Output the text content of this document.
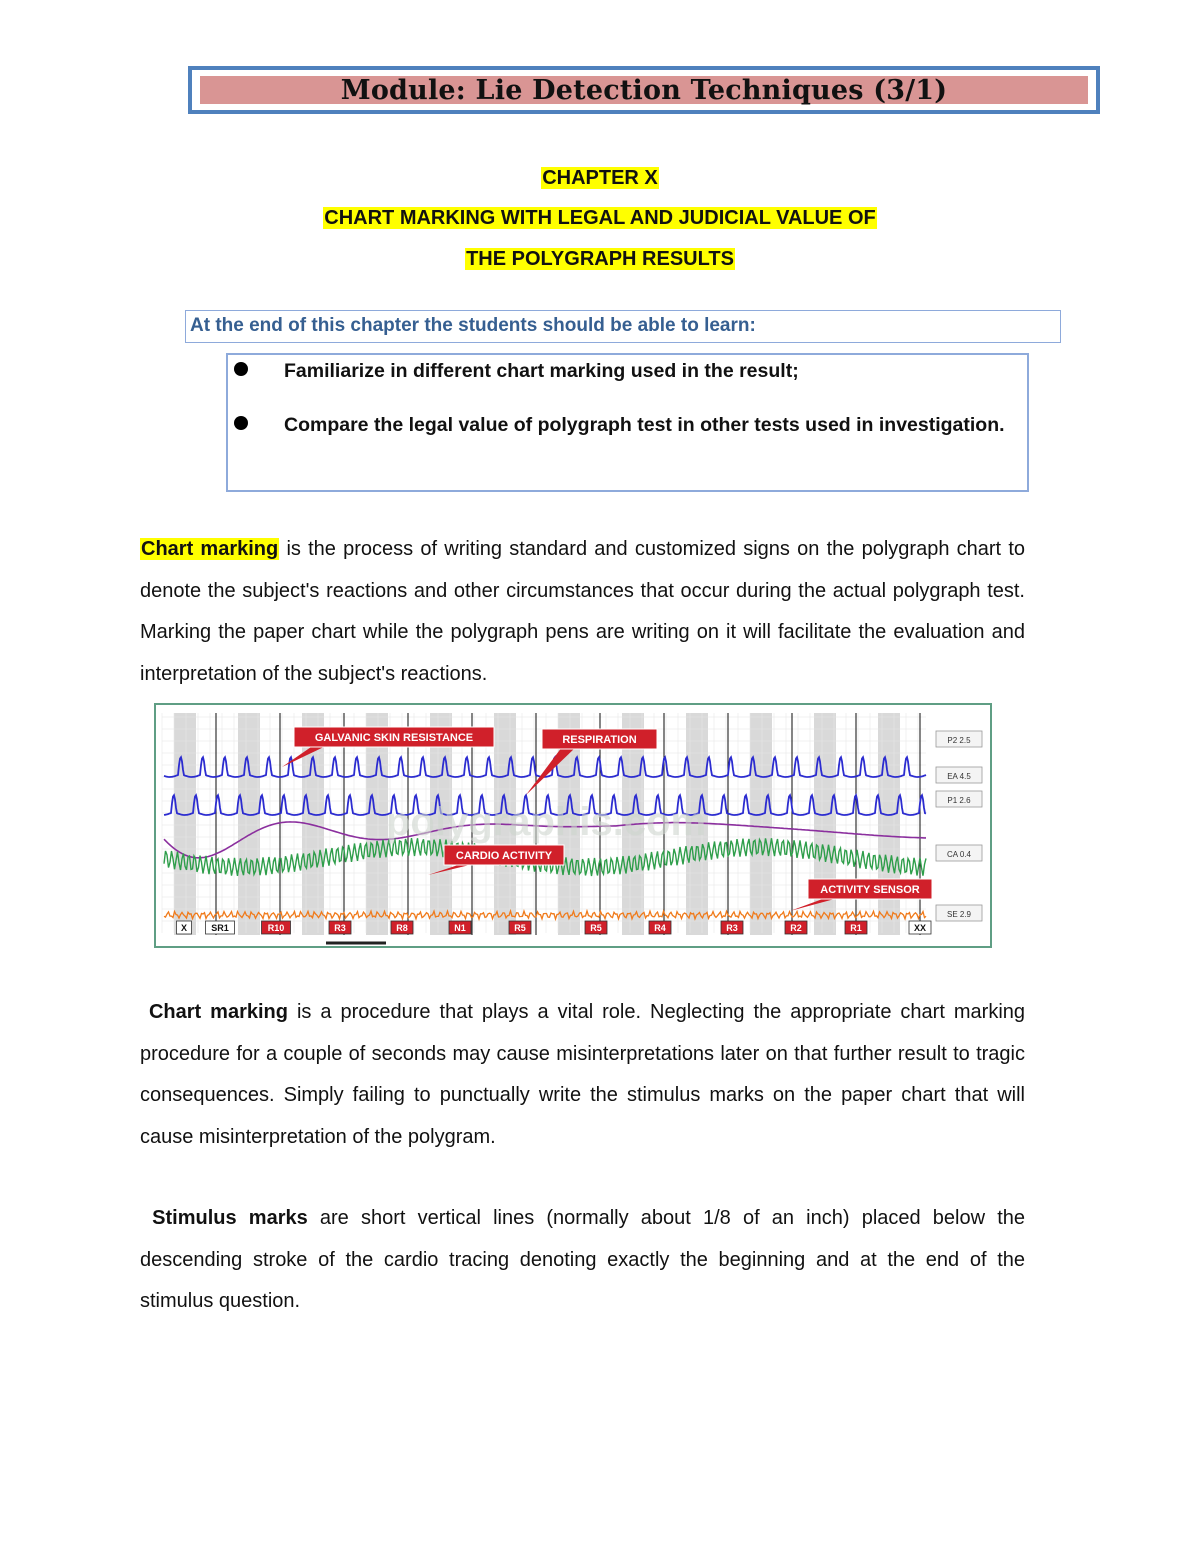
Module: Lie Detection Techniques (3/1)
CHAPTER X
CHART MARKING WITH LEGAL AND JUDICIAL VALUE OF
THE POLYGRAPH RESULTS
At the end of this chapter the students should be able to learn:
Familiarize in different chart marking used in the result;
Compare the legal value of polygraph test in other tests used in investigation.
Chart marking is the process of writing standard and customized signs on the polygraph chart to denote the subject's reactions and other circumstances that occur during the actual polygraph test. Marking the paper chart while the polygraph pens are writing on it will facilitate the evaluation and interpretation of the subject's reactions.
polygraphis.com
GALVANIC SKIN RESISTANCE	RESPIRATION
CARDIO ACTIVITY
ACTIVITY SENSOR
P2 2.5
EA 4.5
P1 2.6
CA 0.4
SE 2.9
X	SR1	R10	R3	R8	N1	R5	R5	R4	R3	R2	R1	XX
Chart marking is a procedure that plays a vital role. Neglecting the appropriate chart marking procedure for a couple of seconds may cause misinterpretations later on that further result to tragic consequences. Simply failing to punctually write the stimulus marks on the paper chart that will cause misinterpretation of the polygram.
Stimulus marks are short vertical lines (normally about 1/8 of an inch) placed below the descending stroke of the cardio tracing denoting exactly the beginning and at the end of the stimulus question.
